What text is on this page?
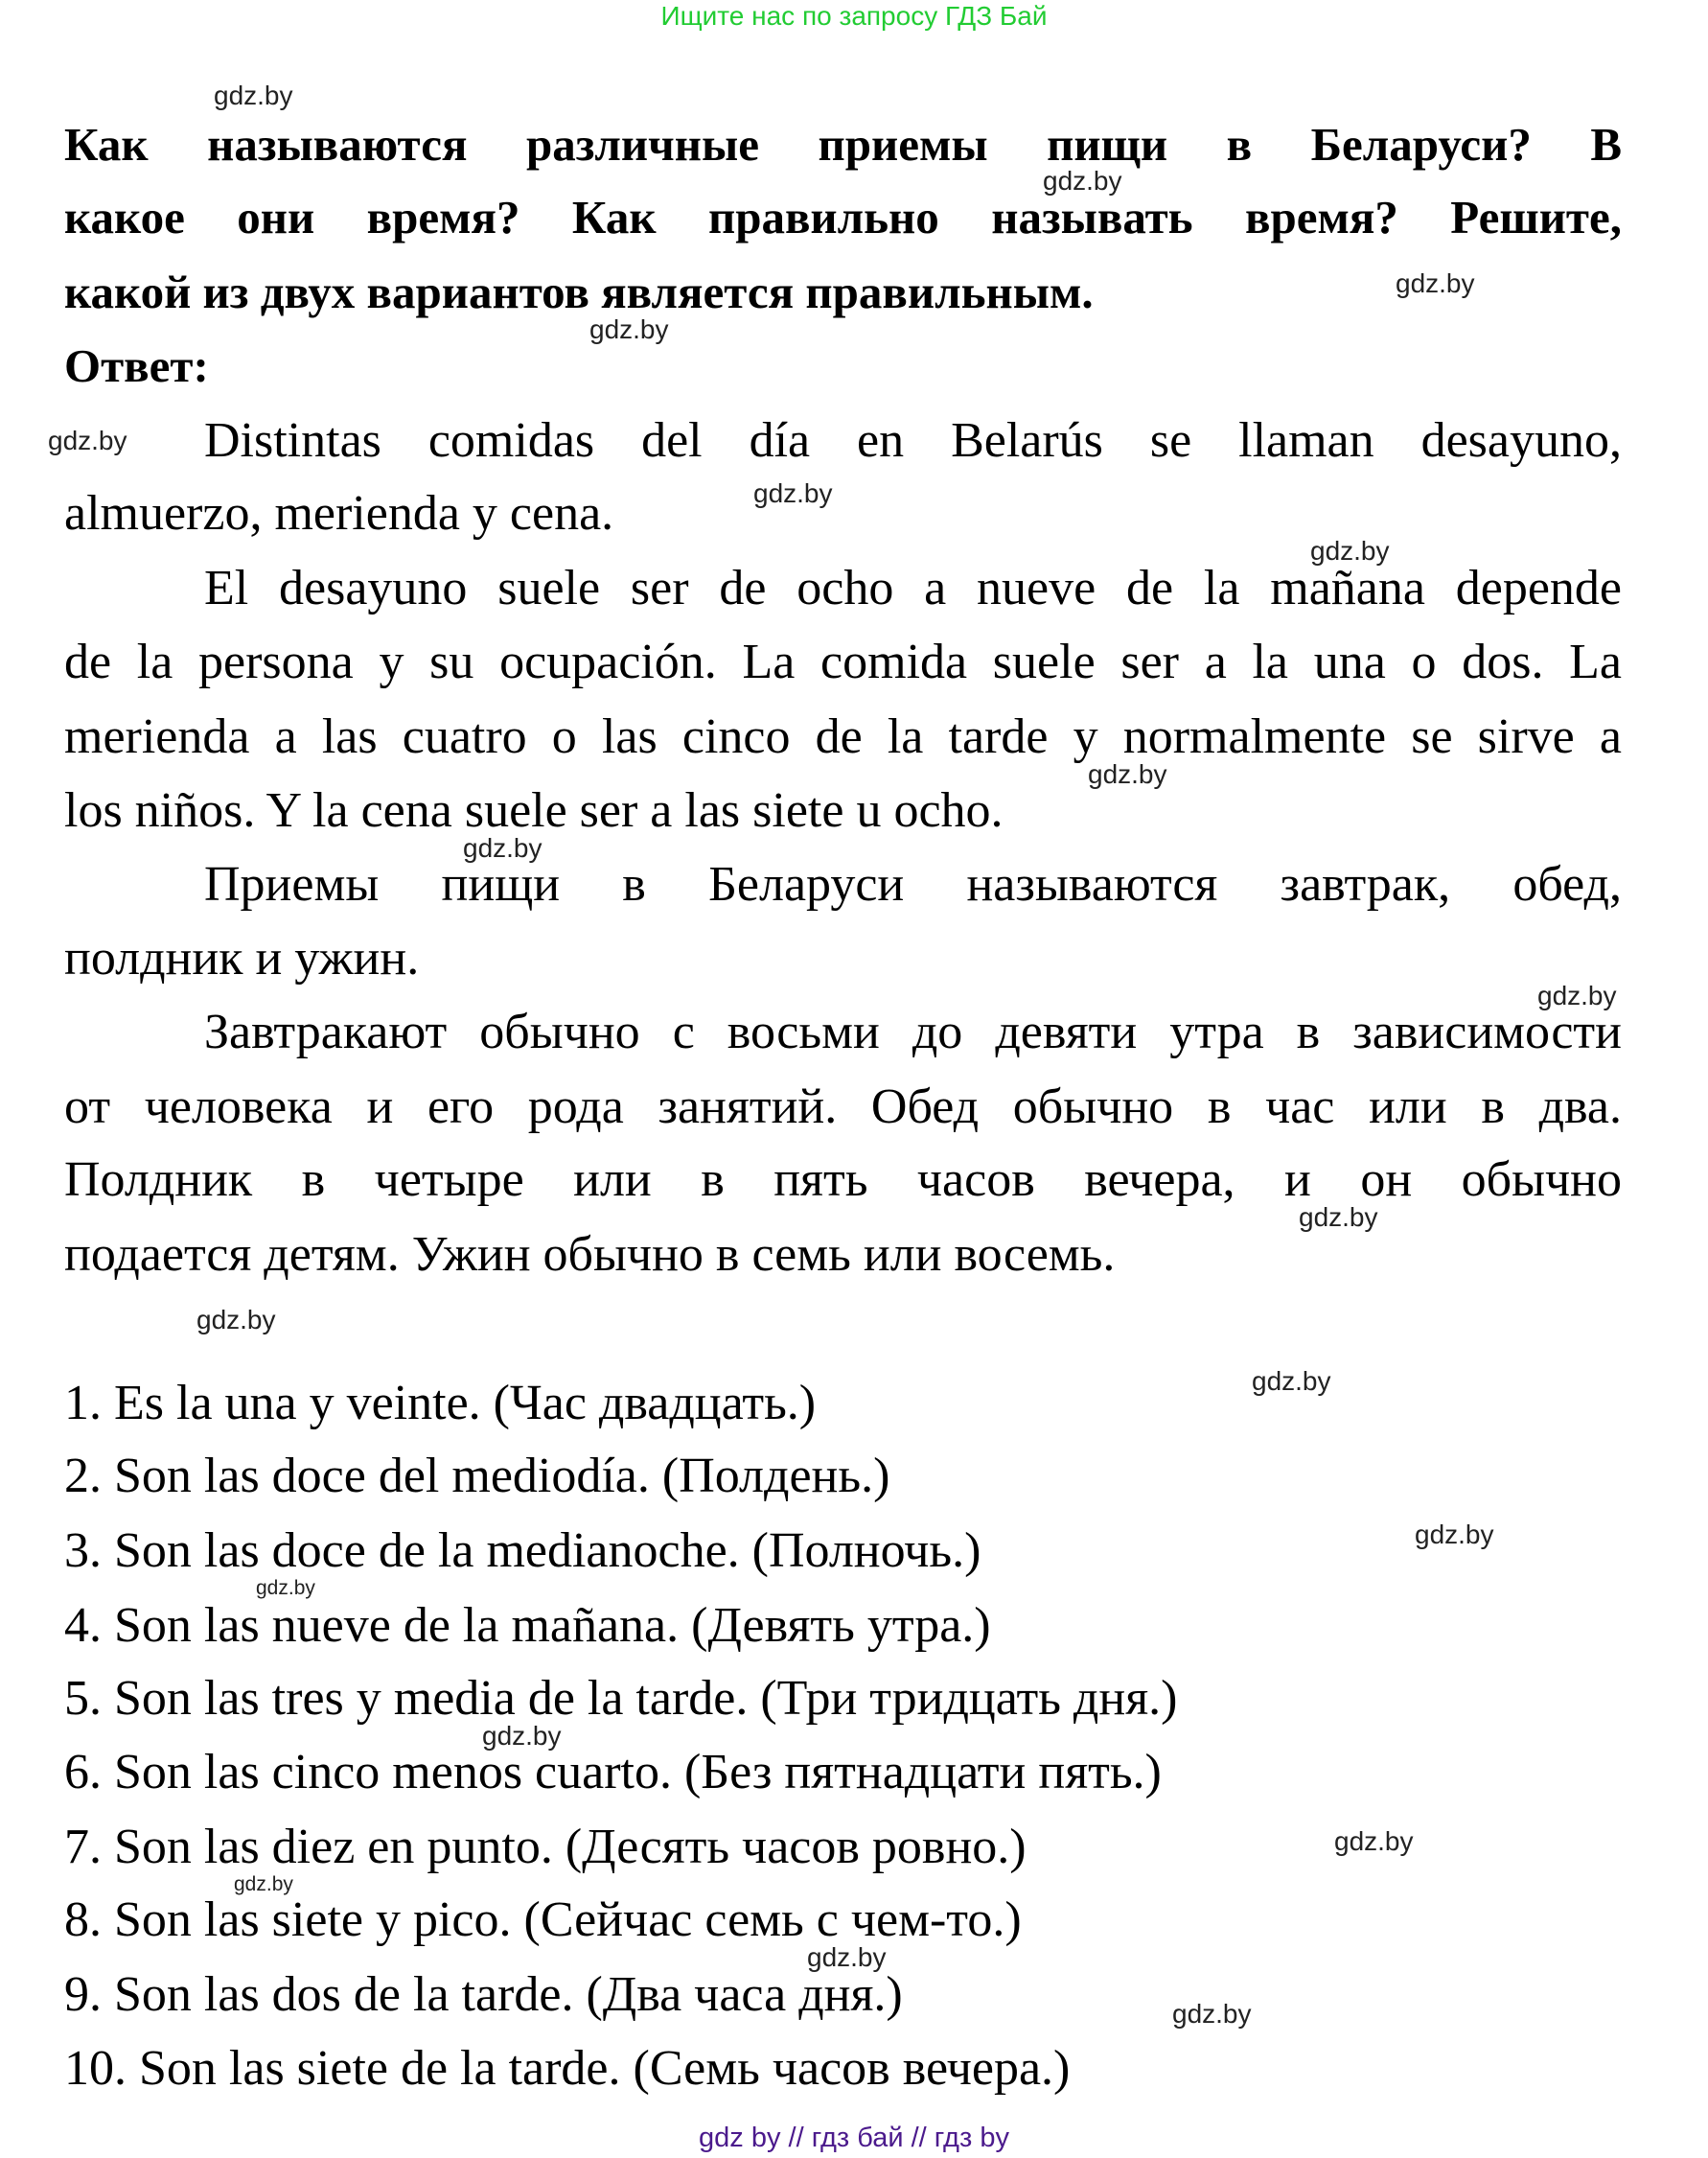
Ищите нас по запросу ГДЗ Бай
Как называются различные приемы пищи в Беларуси? В
какое они время? Как правильно называть время? Решите,
какой из двух вариантов является правильным.
Ответ:
Distintas comidas del día en Belarús se llaman desayuno,
almuerzo, merienda y cena.
El desayuno suele ser de ocho a nueve de la mañana depende
de la persona y su ocupación. La comida suele ser a la una o dos. La
merienda a las cuatro o las cinco de la tarde y normalmente se sirve a
los niños. Y la cena suele ser a las siete u ocho.
Приемы пищи в Беларуси называются завтрак, обед,
полдник и ужин.
Завтракают обычно с восьми до девяти утра в зависимости
от человека и его рода занятий. Обед обычно в час или в два.
Полдник в четыре или в пять часов вечера, и он обычно
подается детям. Ужин обычно в семь или восемь.
1. Es la una y veinte. (Час двадцать.)
2. Son las doce del mediodía. (Полдень.)
3. Son las doce de la medianoche. (Полночь.)
4. Son las nueve de la mañana. (Девять утра.)
5. Son las tres y media de la tarde. (Три тридцать дня.)
6. Son las cinco menos cuarto. (Без пятнадцати пять.)
7. Son las diez en punto. (Десять часов ровно.)
8. Son las siete y pico. (Сейчас семь с чем-то.)
9. Son las dos de la tarde. (Два часа дня.)
10. Son las siete de la tarde. (Семь часов вечера.)
gdz.by
gdz.by
gdz.by
gdz.by
gdz.by
gdz.by
gdz.by
gdz.by
gdz.by
gdz.by
gdz.by
gdz.by
gdz.by
gdz.by
gdz.by
gdz.by
gdz.by
gdz.by
gdz.by
gdz.by
gdz by // гдз бай // гдз by
